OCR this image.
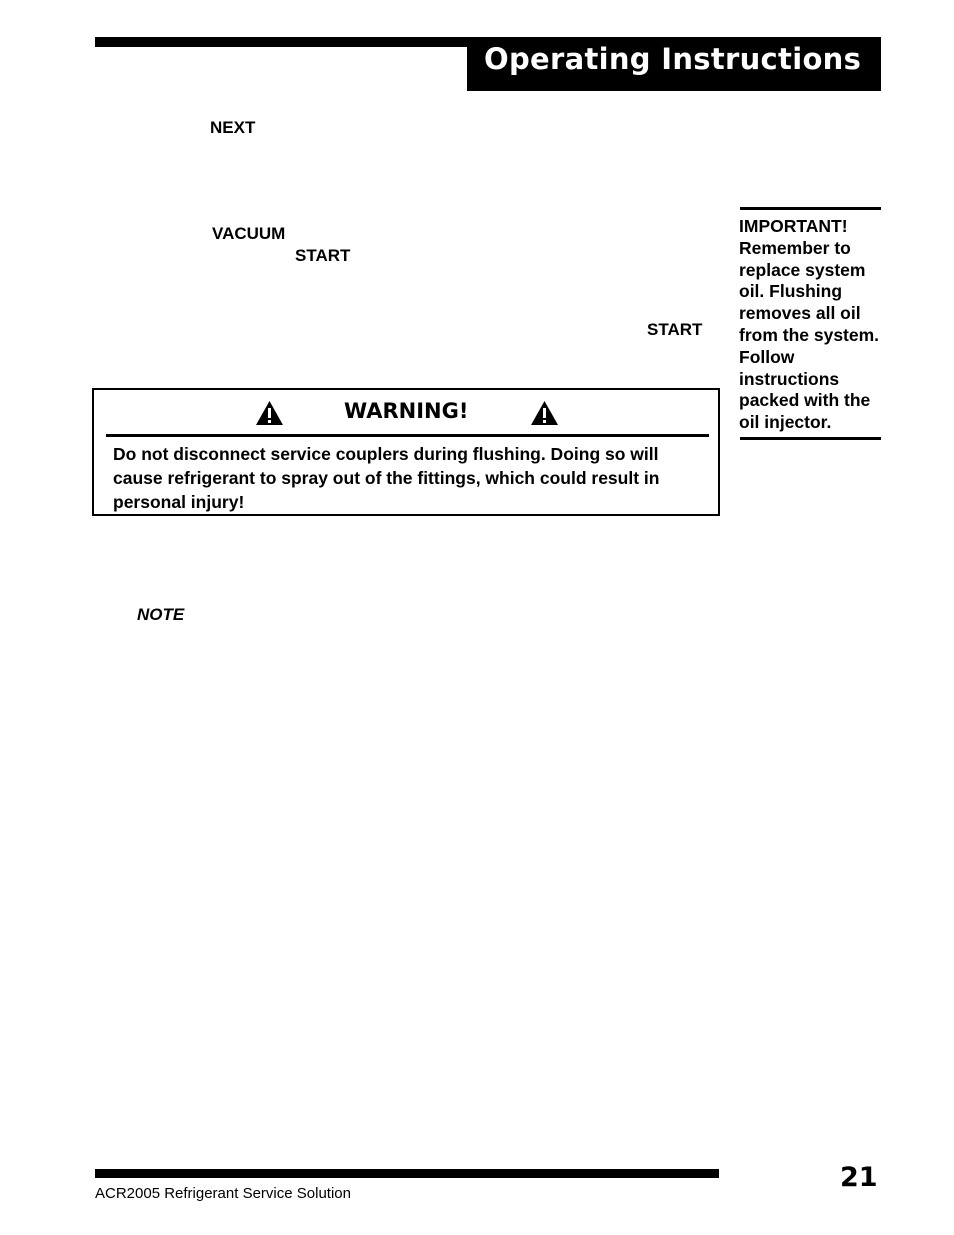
Operating Instructions
NEXT
VACUUM
START
START
WARNING!
Do not disconnect service couplers during flushing. Doing so will cause refrigerant to spray out of the fittings, which could result in personal injury!
IMPORTANT! Remember to replace system oil. Flushing removes all oil from the system. Follow instructions packed with the oil injector.
NOTE
ACR2005 Refrigerant Service Solution
21
